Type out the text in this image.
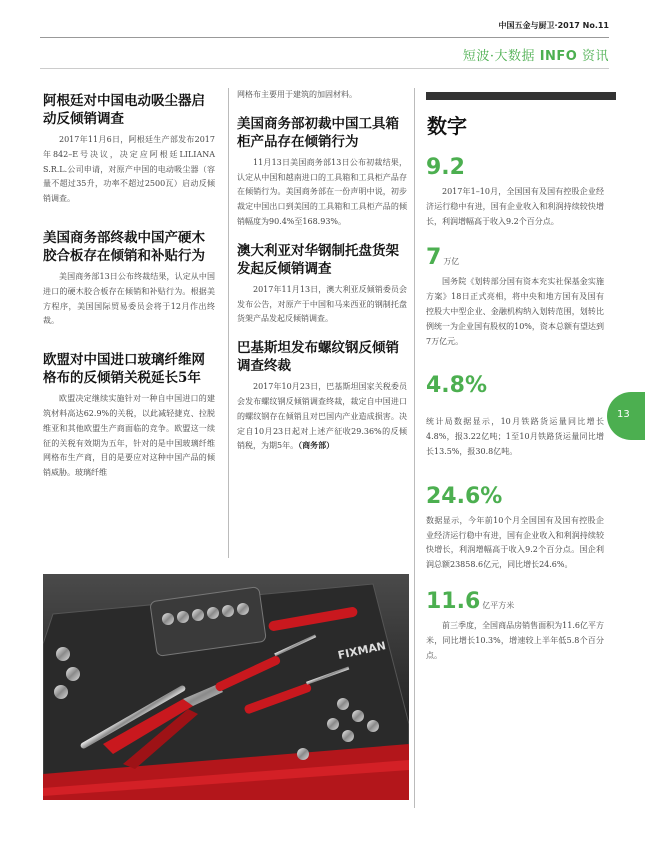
中国五金与厨卫·2017 No.11
短波·大数据 INFO 资讯
阿根廷对中国电动吸尘器启动反倾销调查

2017年11月6日，阿根廷生产部发布2017年842–E号决议，决定应阿根廷LILIANA S.R.L.公司申请，对原产中国的电动吸尘器（容量不超过35升，功率不超过2500瓦）启动反倾销调查。

美国商务部终裁中国产硬木胶合板存在倾销和补贴行为

美国商务部13日公布终裁结果，认定从中国进口的硬木胶合板存在倾销和补贴行为。根据美方程序，美国国际贸易委员会将于12月作出终裁。

欧盟对中国进口玻璃纤维网格布的反倾销关税延长5年

欧盟决定继续实施针对一种自中国进口的建筑材料高达62.9%的关税，以此减轻捷克、拉脱维亚和其他欧盟生产商面临的竞争。欧盟这一续征的关税有效期为五年，针对的是中国玻璃纤维网格布生产商，目的是要应对这种中国产品的倾销威胁。玻璃纤维

网格布主要用于建筑的加固材料。

美国商务部初裁中国工具箱柜产品存在倾销行为

11月13日美国商务部13日公布初裁结果，认定从中国和越南进口的工具箱和工具柜产品存在倾销行为。美国商务部在一份声明中说，初步裁定中国出口到美国的工具箱和工具柜产品的倾销幅度为90.4%至168.93%。

澳大利亚对华钢制托盘货架发起反倾销调查

2017年11月13日，澳大利亚反倾销委员会发布公告，对原产于中国和马来西亚的钢制托盘货架产品发起反倾销调查。

巴基斯坦发布螺纹钢反倾销调查终裁

2017年10月23日，巴基斯坦国家关税委员会发布螺纹钢反倾销调查终裁，裁定自中国进口的螺纹钢存在倾销且对巴国内产业造成损害。决定自10月23日起对上述产征收29.36%的反倾销税，为期5年。（商务部）

数字
9.2

2017年1–10月，全国国有及国有控股企业经济运行稳中有进，国有企业收入和利润持续较快增长，利润增幅高于收入9.2个百分点。

7 万亿

国务院《划转部分国有资本充实社保基金实施方案》18日正式亮相，将中央和地方国有及国有控股大中型企业、金融机构纳入划转范围，划转比例统一为企业国有股权的10%，资本总额有望达到7万亿元。

4.8%

统计局数据显示，10月铁路货运量同比增长4.8%，报3.22亿吨；1至10月铁路货运量同比增长13.5%，报30.8亿吨。

24.6%

数据显示，今年前10个月全国国有及国有控股企业经济运行稳中有进，国有企业收入和利润持续较快增长，利润增幅高于收入9.2个百分点。国企利润总额23858.6亿元，同比增长24.6%。

11.6 亿平方米

前三季度，全国商品房销售面积为11.6亿平方米，同比增长10.3%，增速较上半年低5.8个百分点。

13
FIXMAN
